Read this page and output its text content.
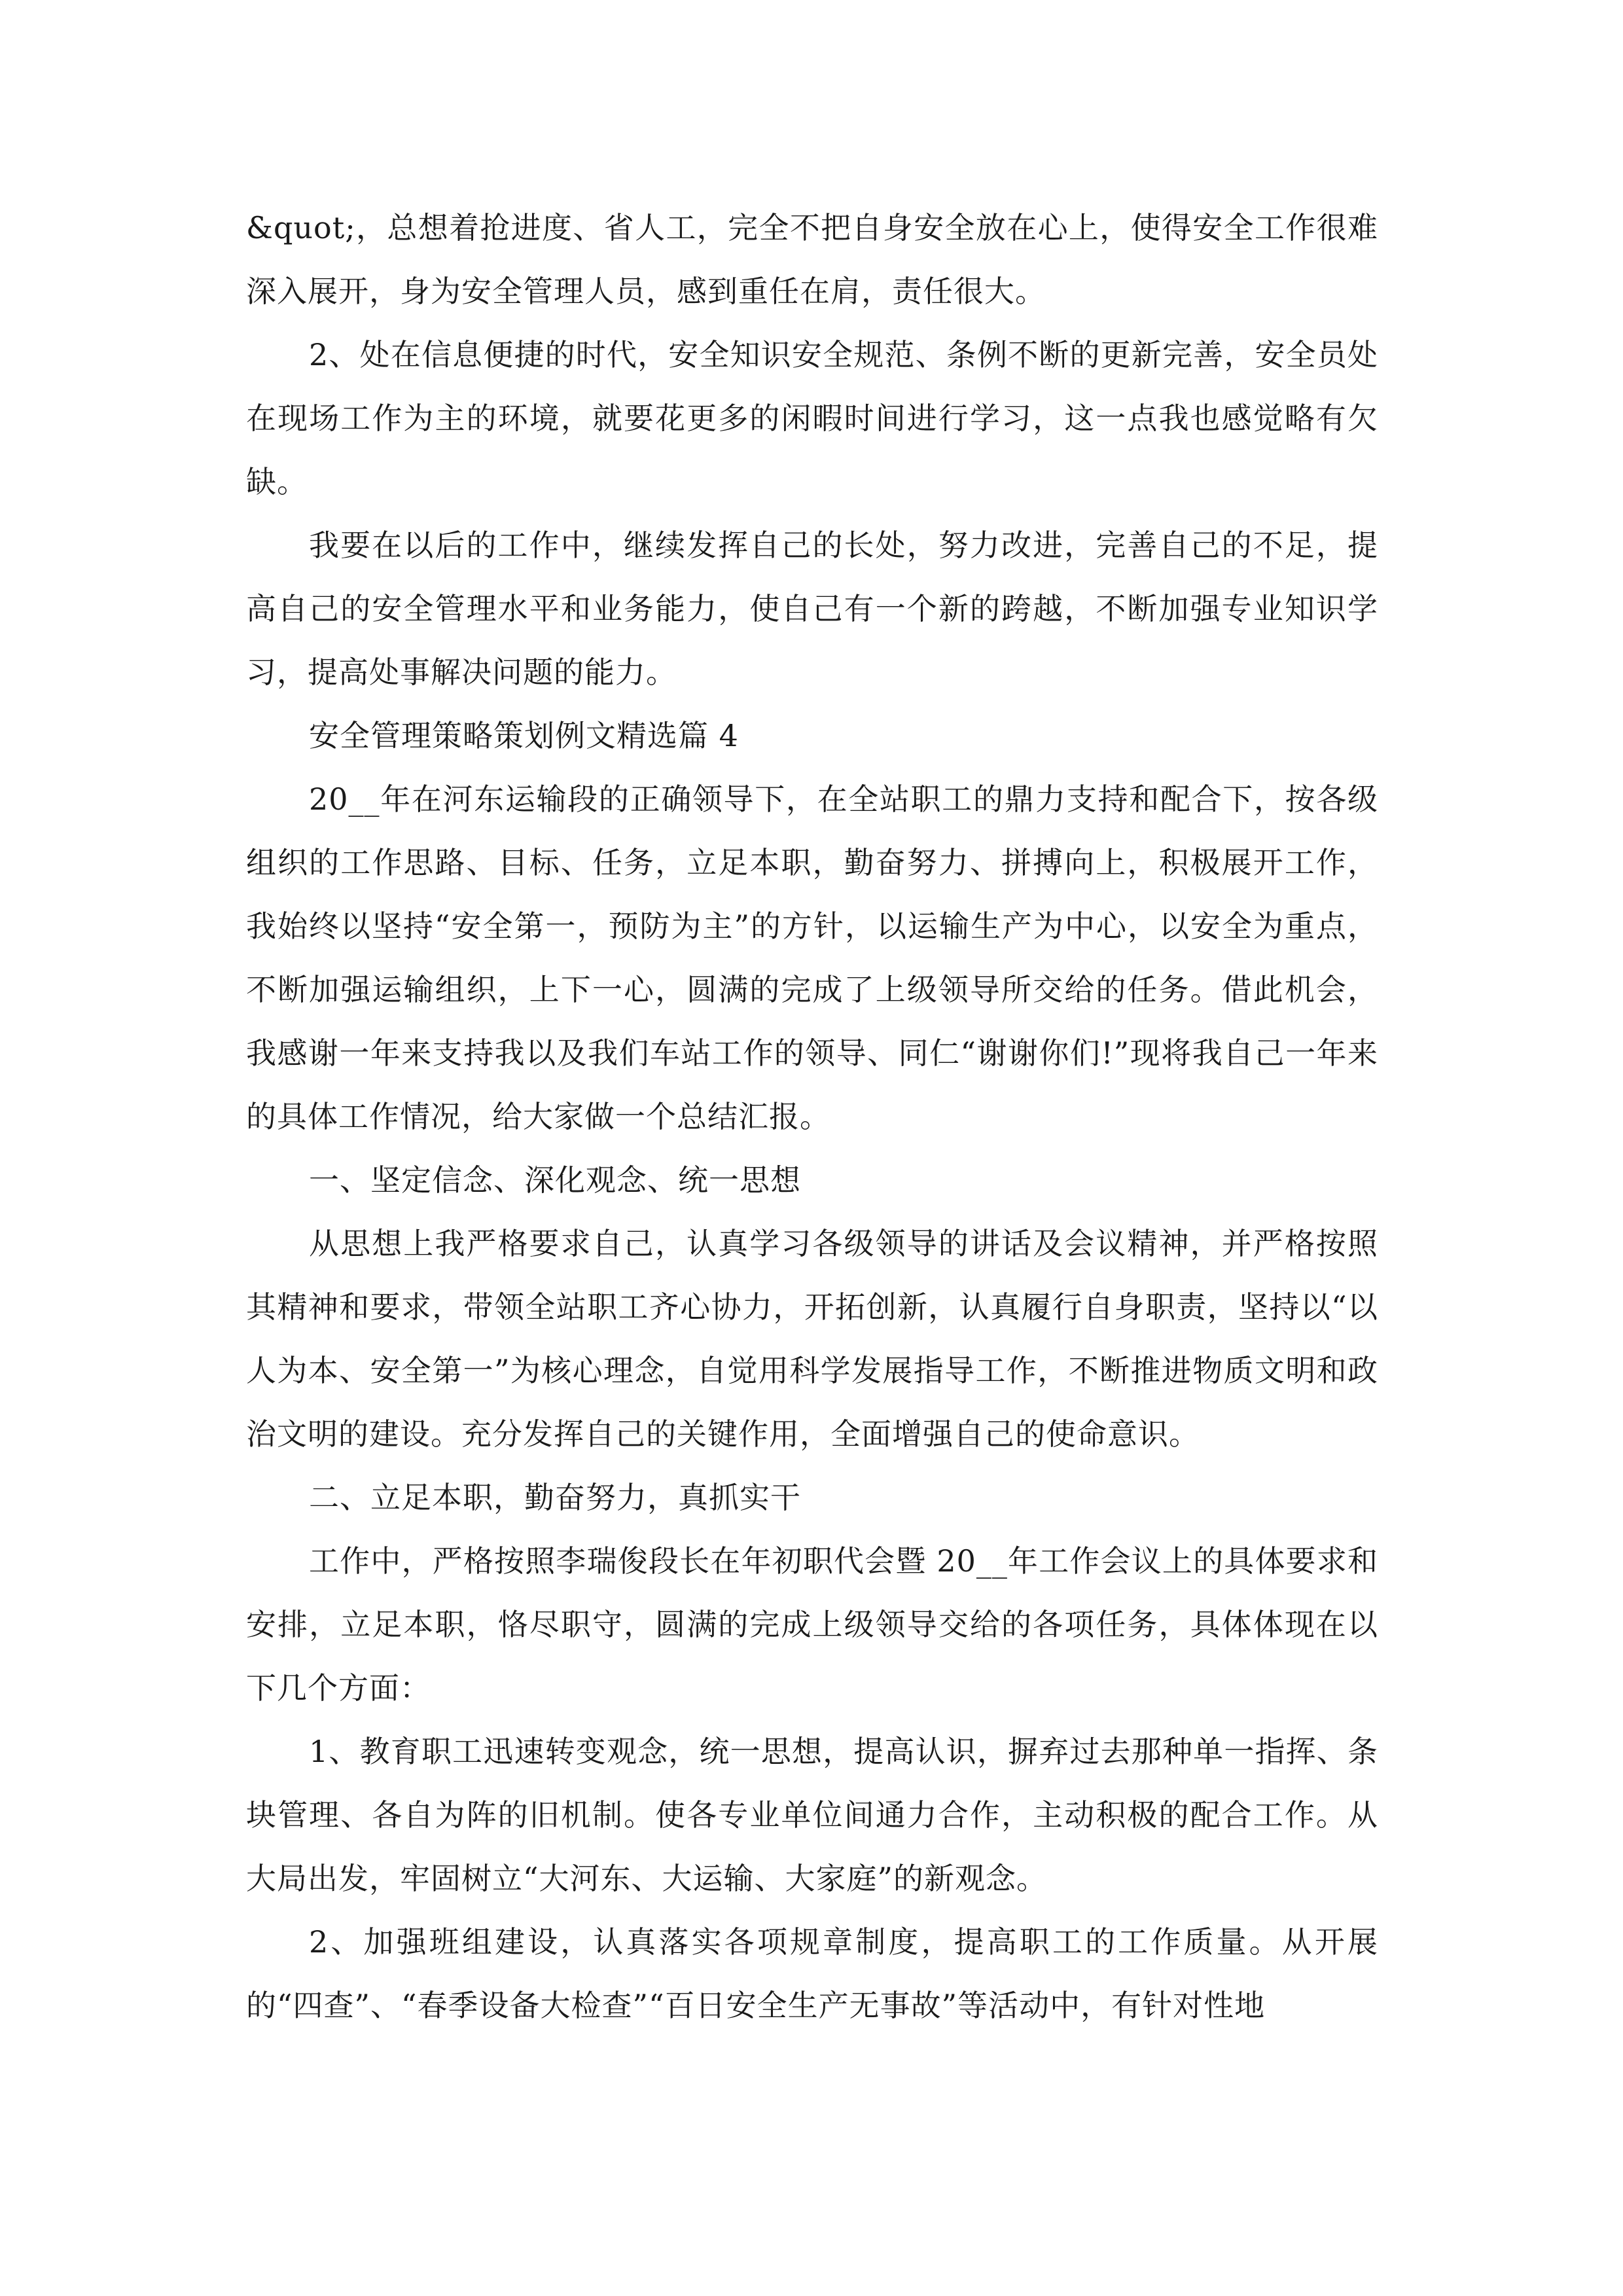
&quot;，总想着抢进度、省人工，完全不把自身安全放在心上，使得安全工作很难深入展开，身为安全管理人员，感到重任在肩，责任很大。

2、处在信息便捷的时代，安全知识安全规范、条例不断的更新完善，安全员处在现场工作为主的环境，就要花更多的闲暇时间进行学习，这一点我也感觉略有欠缺。

我要在以后的工作中，继续发挥自己的长处，努力改进，完善自己的不足，提高自己的安全管理水平和业务能力，使自己有一个新的跨越，不断加强专业知识学习，提高处事解决问题的能力。

安全管理策略策划例文精选篇 4

20__年在河东运输段的正确领导下，在全站职工的鼎力支持和配合下，按各级组织的工作思路、目标、任务，立足本职，勤奋努力、拼搏向上，积极展开工作，我始终以坚持“安全第一，预防为主”的方针，以运输生产为中心，以安全为重点，不断加强运输组织，上下一心，圆满的完成了上级领导所交给的任务。借此机会，我感谢一年来支持我以及我们车站工作的领导、同仁“谢谢你们!”现将我自己一年来的具体工作情况，给大家做一个总结汇报。

一、坚定信念、深化观念、统一思想

从思想上我严格要求自己，认真学习各级领导的讲话及会议精神，并严格按照其精神和要求，带领全站职工齐心协力，开拓创新，认真履行自身职责，坚持以“以人为本、安全第一”为核心理念，自觉用科学发展指导工作，不断推进物质文明和政治文明的建设。充分发挥自己的关键作用，全面增强自己的使命意识。

二、立足本职，勤奋努力，真抓实干

工作中，严格按照李瑞俊段长在年初职代会暨 20__年工作会议上的具体要求和安排，立足本职，恪尽职守，圆满的完成上级领导交给的各项任务，具体体现在以下几个方面：

1、教育职工迅速转变观念，统一思想，提高认识，摒弃过去那种单一指挥、条块管理、各自为阵的旧机制。使各专业单位间通力合作，主动积极的配合工作。从大局出发，牢固树立“大河东、大运输、大家庭”的新观念。

2、加强班组建设，认真落实各项规章制度，提高职工的工作质量。从开展的“四查”、“春季设备大检查”“百日安全生产无事故”等活动中，有针对性地
